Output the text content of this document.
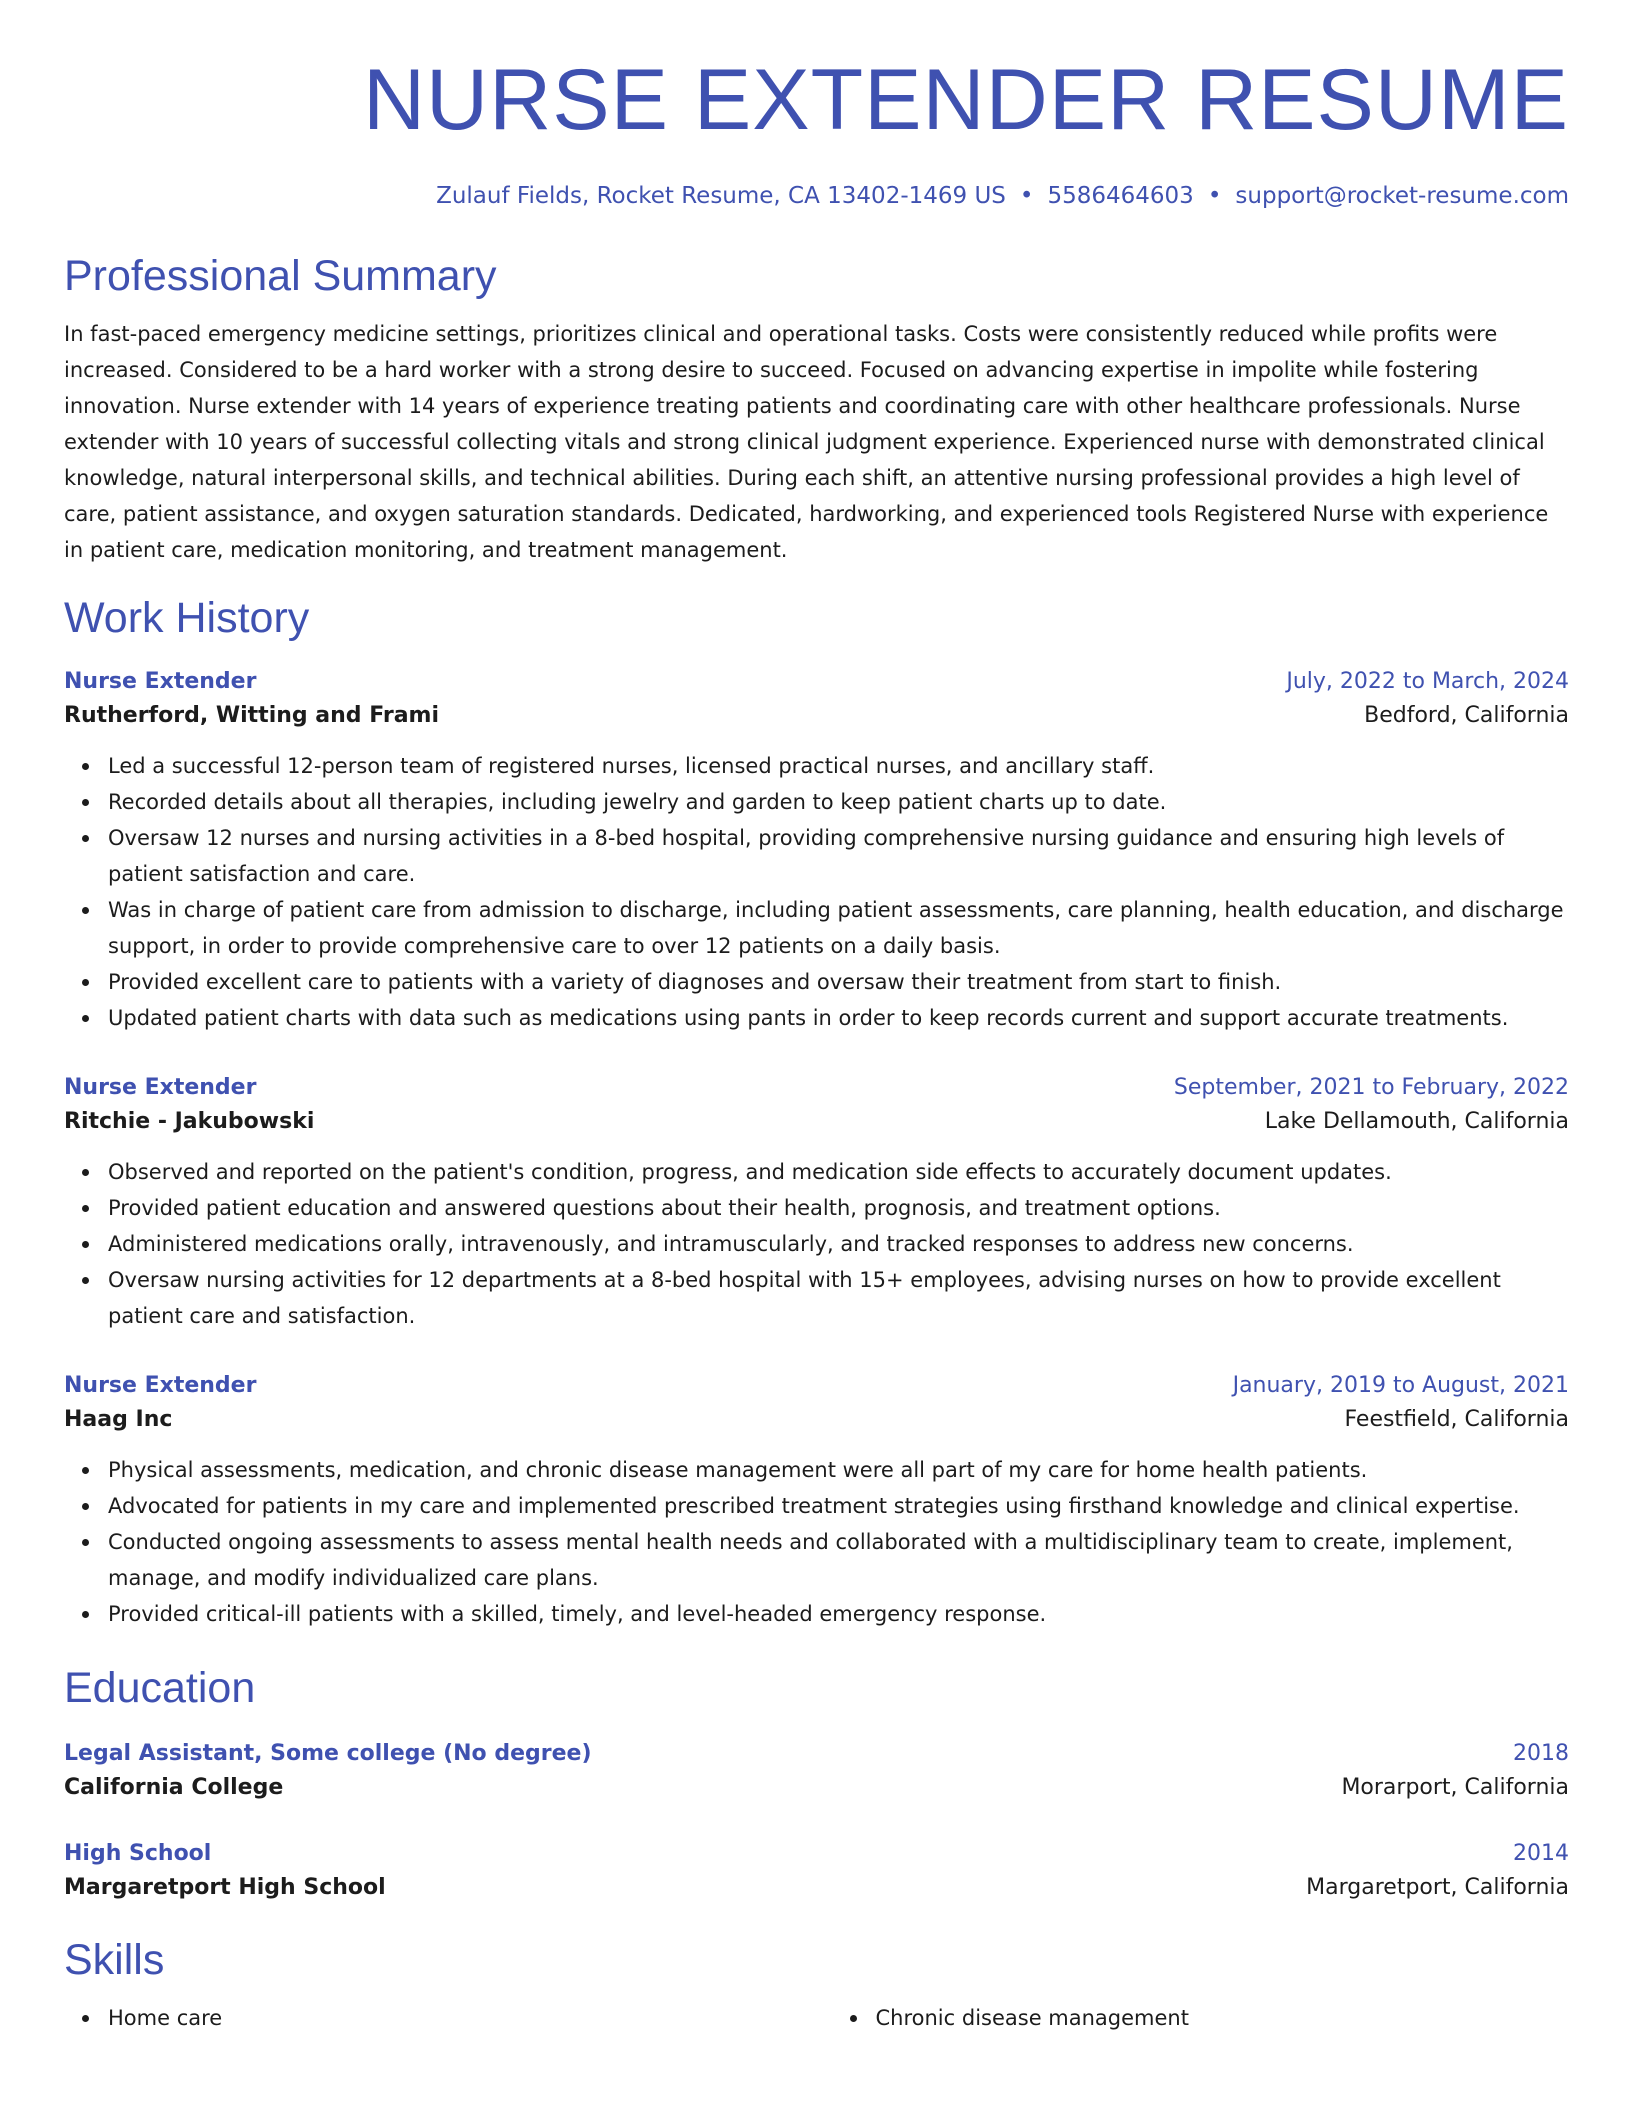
NURSE EXTENDER RESUME
Zulauf Fields, Rocket Resume, CA 13402-1469 US • 5586464603 • support@rocket-resume.com
Professional Summary

In fast-paced emergency medicine settings, prioritizes clinical and operational tasks. Costs were consistently reduced while profits were increased. Considered to be a hard worker with a strong desire to succeed. Focused on advancing expertise in impolite while fostering innovation. Nurse extender with 14 years of experience treating patients and coordinating care with other healthcare professionals. Nurse extender with 10 years of successful collecting vitals and strong clinical judgment experience. Experienced nurse with demonstrated clinical knowledge, natural interpersonal skills, and technical abilities. During each shift, an attentive nursing professional provides a high level of care, patient assistance, and oxygen saturation standards. Dedicated, hardworking, and experienced tools Registered Nurse with experience in patient care, medication monitoring, and treatment management.

Work History
Nurse Extender	July, 2022 to March, 2024
Rutherford, Witting and Frami	Bedford, California
Led a successful 12-person team of registered nurses, licensed practical nurses, and ancillary staff.
Recorded details about all therapies, including jewelry and garden to keep patient charts up to date.
Oversaw 12 nurses and nursing activities in a 8-bed hospital, providing comprehensive nursing guidance and ensuring high levels of patient satisfaction and care.
Was in charge of patient care from admission to discharge, including patient assessments, care planning, health education, and discharge support, in order to provide comprehensive care to over 12 patients on a daily basis.
Provided excellent care to patients with a variety of diagnoses and oversaw their treatment from start to finish.
Updated patient charts with data such as medications using pants in order to keep records current and support accurate treatments.
Nurse Extender	September, 2021 to February, 2022
Ritchie - Jakubowski	Lake Dellamouth, California
Observed and reported on the patient's condition, progress, and medication side effects to accurately document updates.
Provided patient education and answered questions about their health, prognosis, and treatment options.
Administered medications orally, intravenously, and intramuscularly, and tracked responses to address new concerns.
Oversaw nursing activities for 12 departments at a 8-bed hospital with 15+ employees, advising nurses on how to provide excellent patient care and satisfaction.
Nurse Extender	January, 2019 to August, 2021
Haag Inc	Feestfield, California
Physical assessments, medication, and chronic disease management were all part of my care for home health patients.
Advocated for patients in my care and implemented prescribed treatment strategies using firsthand knowledge and clinical expertise.
Conducted ongoing assessments to assess mental health needs and collaborated with a multidisciplinary team to create, implement, manage, and modify individualized care plans.
Provided critical-ill patients with a skilled, timely, and level-headed emergency response.
Education
Legal Assistant, Some college (No degree)	2018
California College	Morarport, California
High School	2014
Margaretport High School	Margaretport, California
Skills
Home care	Chronic disease management
